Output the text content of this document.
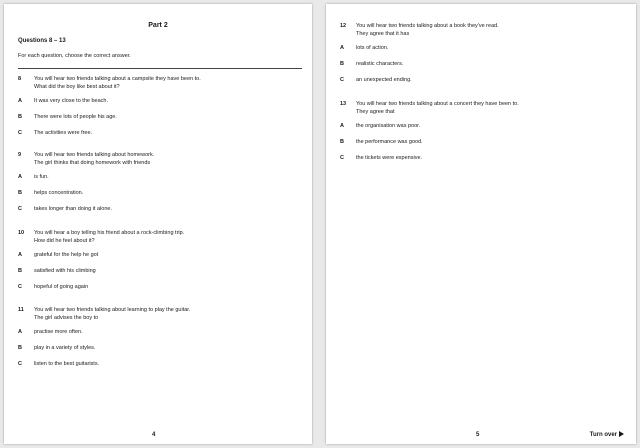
Part 2
Questions 8 – 13
For each question, choose the correct answer.
8 You will hear two friends talking about a campsite they have been to.
What did the boy like best about it?
A It was very close to the beach.
B There were lots of people his age.
C The activities were free.
9 You will hear two friends talking about homework.
The girl thinks that doing homework with friends
A is fun.
B helps concentration.
C takes longer than doing it alone.
10 You will hear a boy telling his friend about a rock-climbing trip.
How did he feel about it?
A grateful for the help he got
B satisfied with his climbing
C hopeful of going again
11 You will hear two friends talking about learning to play the guitar.
The girl advises the boy to
A practise more often.
B play in a variety of styles.
C listen to the best guitarists.
4
12 You will hear two friends talking about a book they've read.
They agree that it has
A lots of action.
B realistic characters.
C an unexpected ending.
13 You will hear two friends talking about a concert they have been to.
They agree that
A the organisation was poor.
B the performance was good.
C the tickets were expensive.
5	Turn over
